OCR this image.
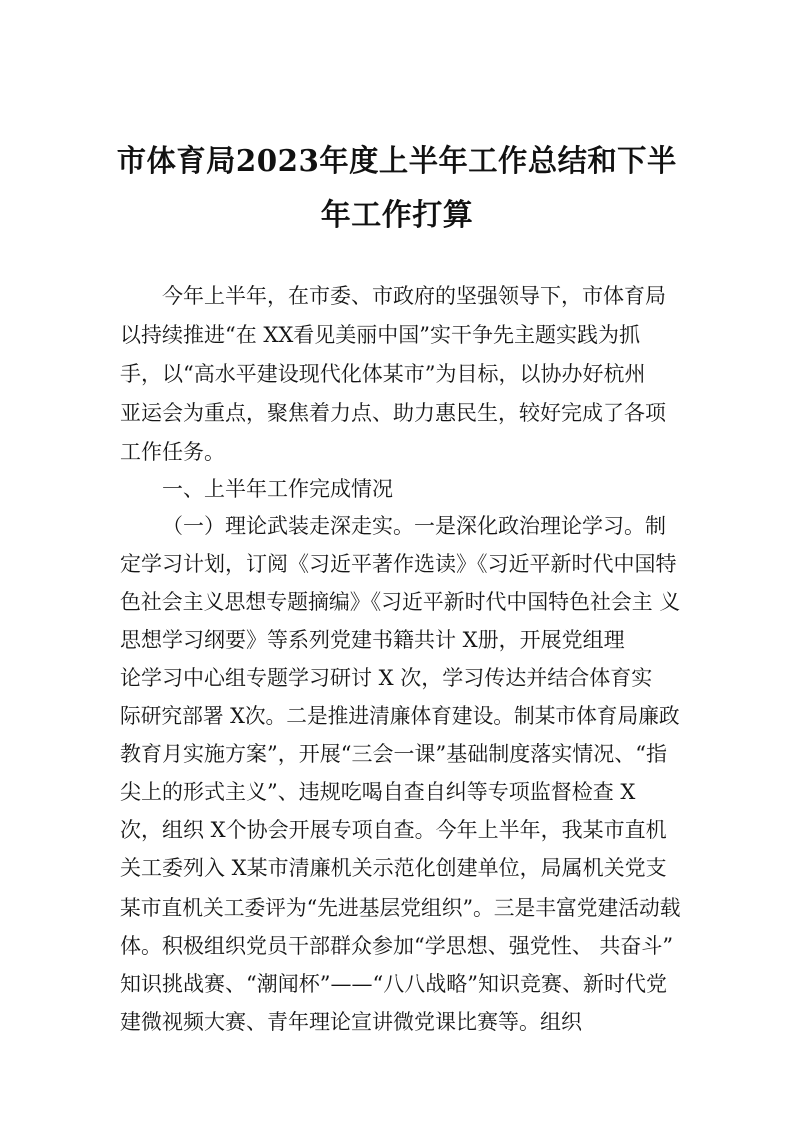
市体育局2023年度上半年工作总结和下半
年工作打算
今年上半年，在市委、市政府的坚强领导下，市体育局
以持续推进“在 XX看见美丽中国”实干争先主题实践为抓
手，以“高水平建设现代化体某市”为目标，以协办好杭州
亚运会为重点，聚焦着力点、助力惠民生，较好完成了各项
工作任务。
一、上半年工作完成情况
（一）理论武装走深走实。一是深化政治理论学习。制
定学习计划，订阅《习近平著作选读》《习近平新时代中国特
色社会主义思想专题摘编》《习近平新时代中国特色社会主 义
思想学习纲要》等系列党建书籍共计 X册，开展党组理
论学习中心组专题学习研讨 X 次，学习传达并结合体育实
际研究部署 X次。二是推进清廉体育建设。制某市体育局廉政
教育月实施方案”，开展“三会一课”基础制度落实情况、“指
尖上的形式主义”、违规吃喝自查自纠等专项监督检查 X
次，组织 X个协会开展专项自查。今年上半年，我某市直机
关工委列入 X某市清廉机关示范化创建单位，局属机关党支
某市直机关工委评为“先进基层党组织”。三是丰富党建活动载
体。积极组织党员干部群众参加“学思想、强党性、 共奋斗”
知识挑战赛、“潮闻杯”——“八八战略”知识竞赛、新时代党
建微视频大赛、青年理论宣讲微党课比赛等。组织
